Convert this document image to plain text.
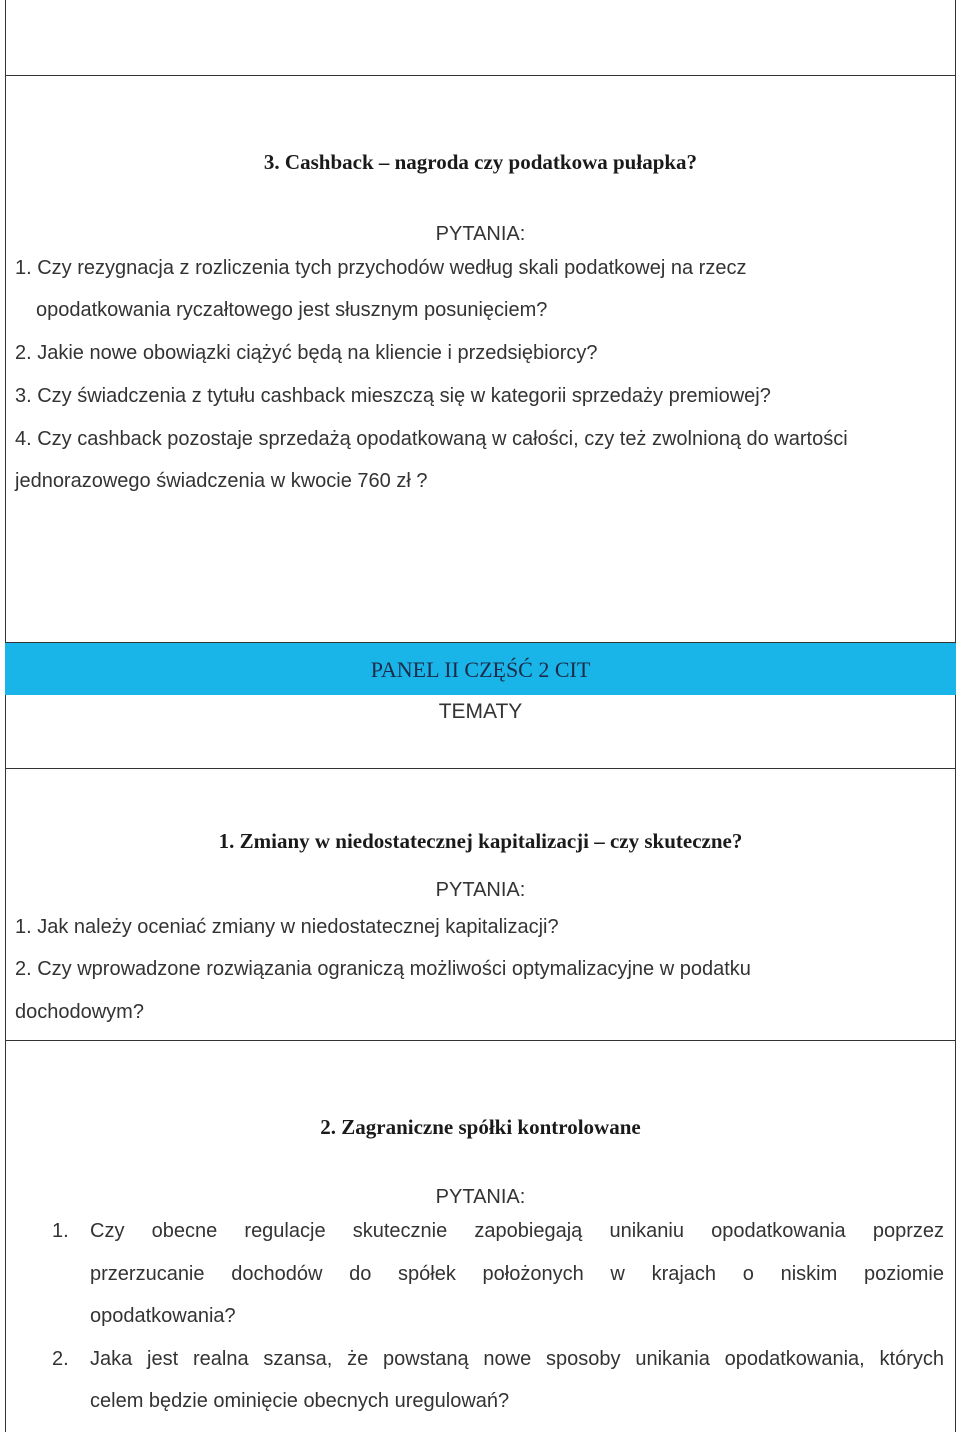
3. Cashback – nagroda czy podatkowa pułapka?
PYTANIA:
1. Czy rezygnacja z rozliczenia tych przychodów według skali podatkowej na rzecz
opodatkowania ryczałtowego jest słusznym posunięciem?
2. Jakie nowe obowiązki ciążyć będą na kliencie i przedsiębiorcy?
3. Czy świadczenia z tytułu cashback mieszczą się w kategorii sprzedaży premiowej?
4. Czy cashback pozostaje sprzedażą opodatkowaną w całości, czy też zwolnioną do wartości
jednorazowego świadczenia w kwocie 760 zł ?
PANEL II CZĘŚĆ 2 CIT
TEMATY
1. Zmiany w niedostatecznej kapitalizacji – czy skuteczne?
PYTANIA:
1. Jak należy oceniać zmiany w niedostatecznej kapitalizacji?
2. Czy wprowadzone rozwiązania ograniczą możliwości optymalizacyjne w podatku
dochodowym?
2. Zagraniczne spółki kontrolowane
PYTANIA:
1. Czy obecne regulacje skutecznie zapobiegają unikaniu opodatkowania poprzez
przerzucanie dochodów do spółek położonych w krajach o niskim poziomie
opodatkowania?
2. Jaka jest realna szansa, że powstaną nowe sposoby unikania opodatkowania, których
celem będzie ominięcie obecnych uregulowań?
